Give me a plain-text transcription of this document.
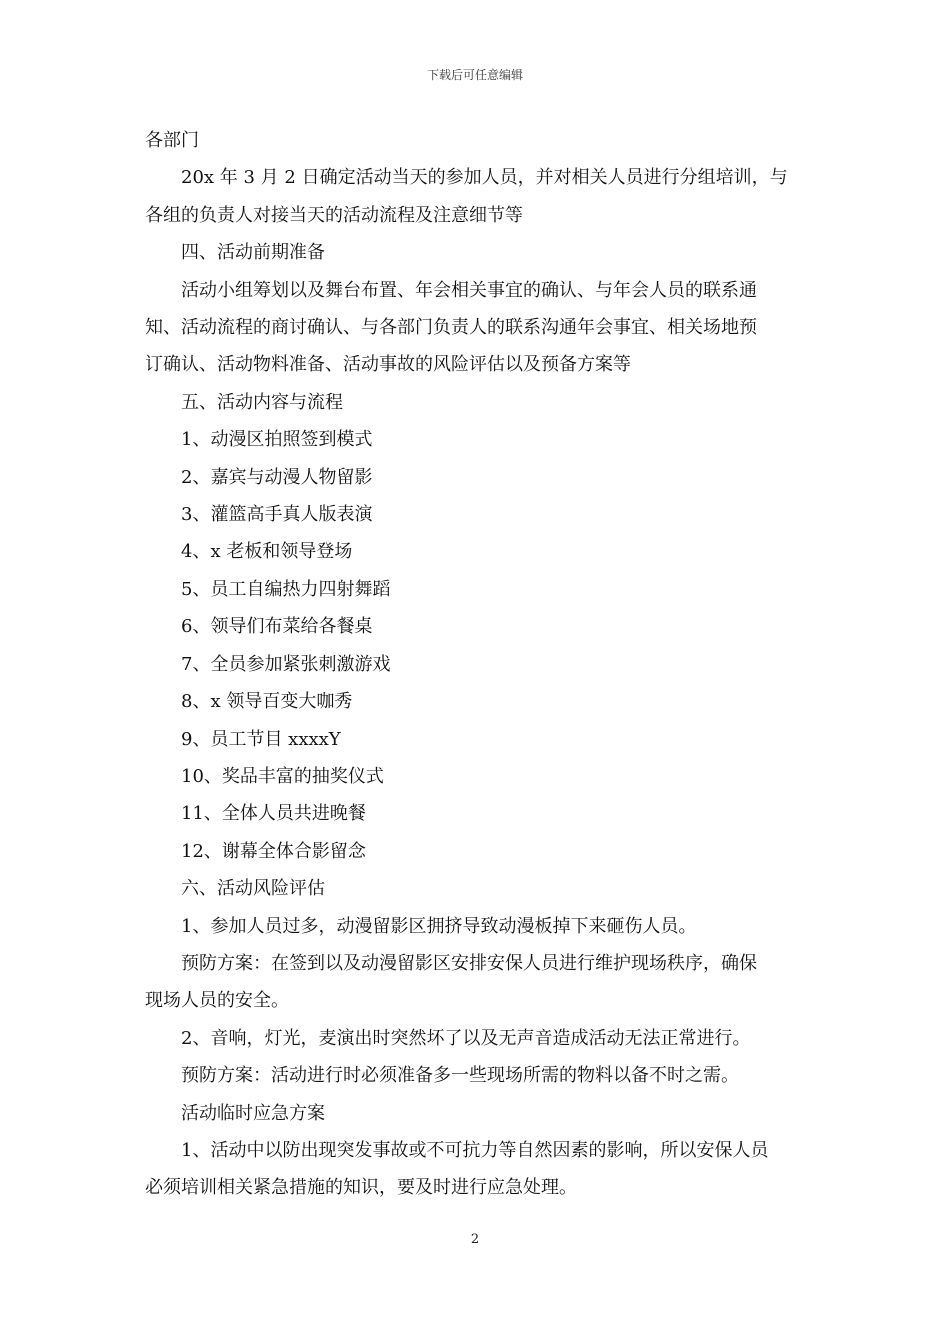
下载后可任意编辑

各部门

20x 年 3 月 2 日确定活动当天的参加人员，并对相关人员进行分组培训，与

各组的负责人对接当天的活动流程及注意细节等

四、活动前期准备

活动小组筹划以及舞台布置、年会相关事宜的确认、与年会人员的联系通

知、活动流程的商讨确认、与各部门负责人的联系沟通年会事宜、相关场地预

订确认、活动物料准备、活动事故的风险评估以及预备方案等

五、活动内容与流程

1、动漫区拍照签到模式

2、嘉宾与动漫人物留影

3、灌篮高手真人版表演

4、x 老板和领导登场

5、员工自编热力四射舞蹈

6、领导们布菜给各餐桌

7、全员参加紧张刺激游戏

8、x 领导百变大咖秀

9、员工节目 xxxxY

10、奖品丰富的抽奖仪式

11、全体人员共进晚餐

12、谢幕全体合影留念

六、活动风险评估

1、参加人员过多，动漫留影区拥挤导致动漫板掉下来砸伤人员。

预防方案：在签到以及动漫留影区安排安保人员进行维护现场秩序，确保

现场人员的安全。

2、音响，灯光，麦演出时突然坏了以及无声音造成活动无法正常进行。

预防方案：活动进行时必须准备多一些现场所需的物料以备不时之需。

活动临时应急方案

1、活动中以防出现突发事故或不可抗力等自然因素的影响，所以安保人员

必须培训相关紧急措施的知识，要及时进行应急处理。

2
